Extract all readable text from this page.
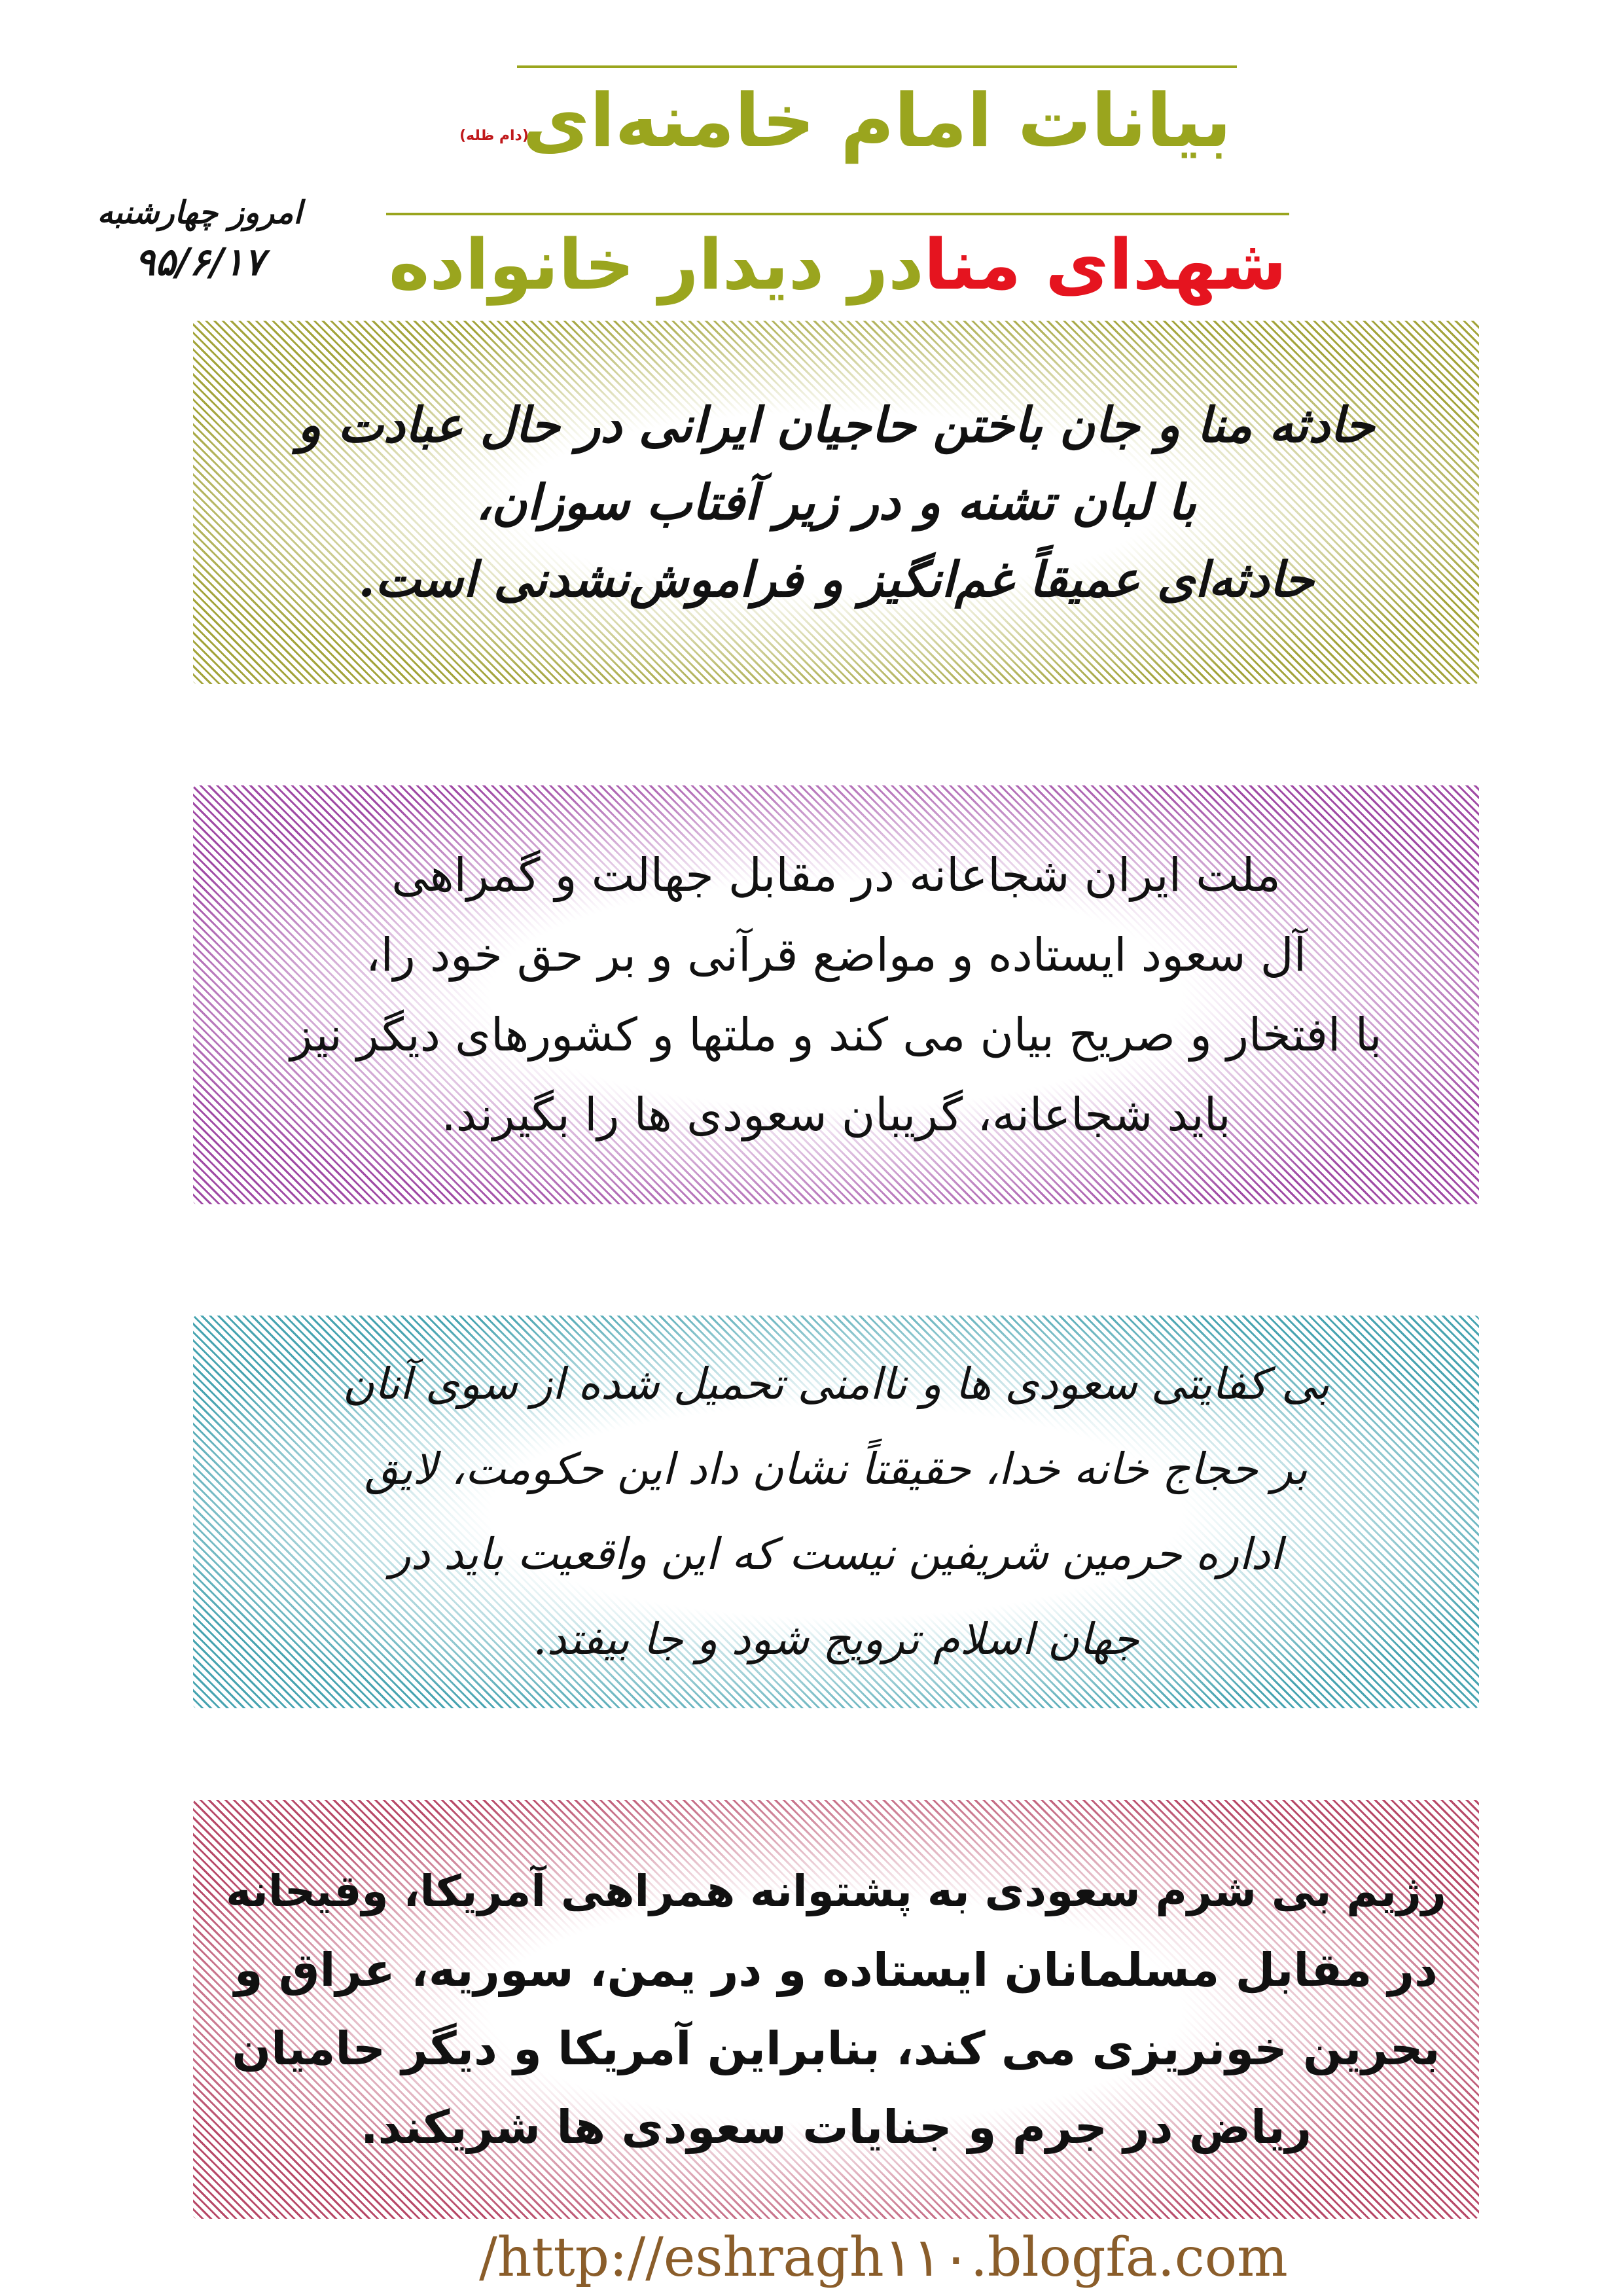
بیانات امام خامنه‌ای
(دام ظله)
شهدای منادر دیدار خانواده
امروز چهارشنبه
۹۵/۶/۱۷
حادثه منا و جان باختن حاجیان ایرانی در حال عبادت و
با لبان تشنه و در زیر آفتاب سوزان،
حادثه‌ای عمیقاً غم‌انگیز و فراموش‌نشدنی است.
ملت ایران شجاعانه در مقابل جهالت و گمراهی
آل سعود ایستاده و مواضع قرآنی و بر حق خود را،
با افتخار و صریح بیان می کند و ملتها و کشورهای دیگر نیز
باید شجاعانه، گریبان سعودی ها را بگیرند.
بی کفایتی سعودی ها و ناامنی تحمیل شده از سوی آنان
بر حجاج خانه خدا، حقیقتاً نشان داد این حکومت، لایق
اداره حرمین شریفین نیست که این واقعیت باید در
جهان اسلام ترویج شود و جا بیفتد.
رژیم بی شرم سعودی به پشتوانه همراهی آمریکا، وقیحانه
در مقابل مسلمانان ایستاده و در یمن، سوریه، عراق و
بحرین خونریزی می کند، بنابراین آمریکا و دیگر حامیان
ریاض در جرم و جنایات سعودی ها شریکند.
/http://eshragh۱۱۰.blogfa.com
